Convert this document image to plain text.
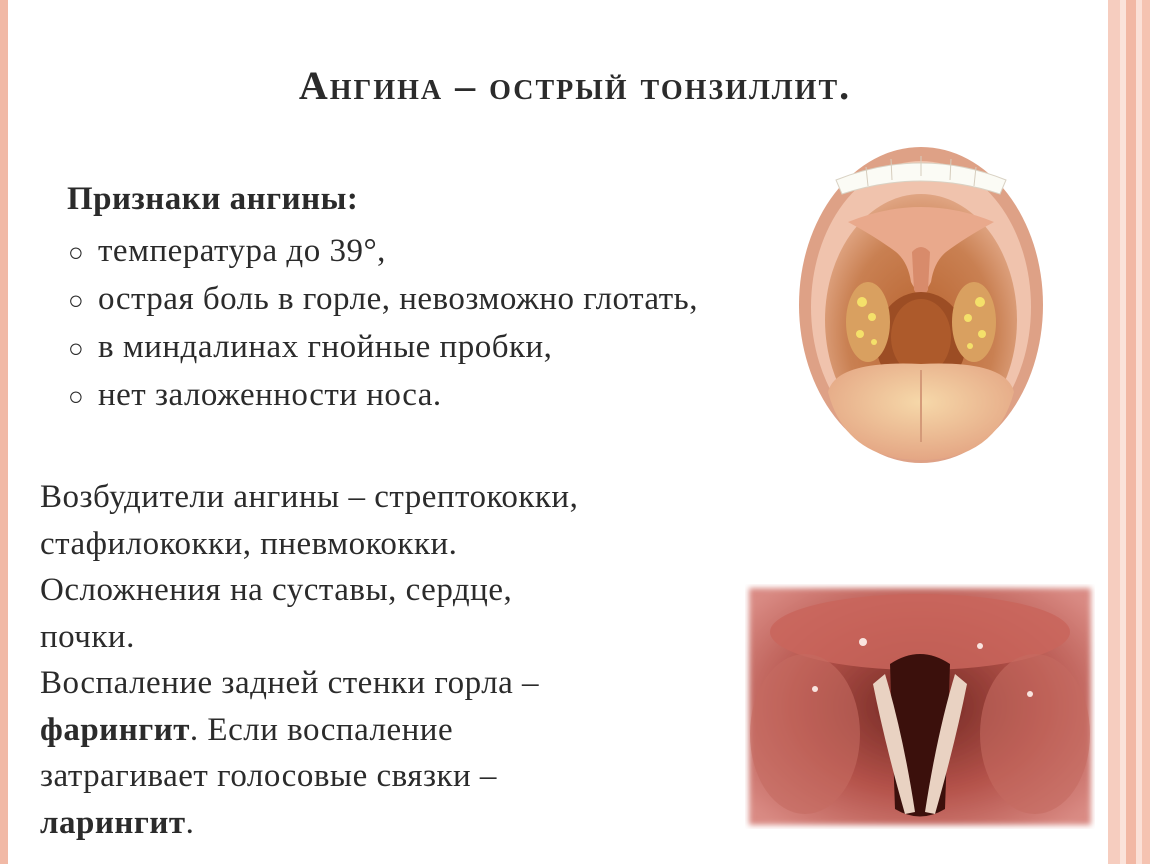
Ангина – острый тонзиллит.

Признаки ангины:

○ температура до 39°,
○ острая боль в горле, невозможно глотать,
○ в миндалинах гнойные пробки,
○ нет заложенности носа.
Возбудители ангины – стрептококки,
стафилококки, пневмококки.
Осложнения на суставы, сердце,
почки.
Воспаление задней стенки горла –
фарингит. Если воспаление
затрагивает голосовые связки –
ларингит.
